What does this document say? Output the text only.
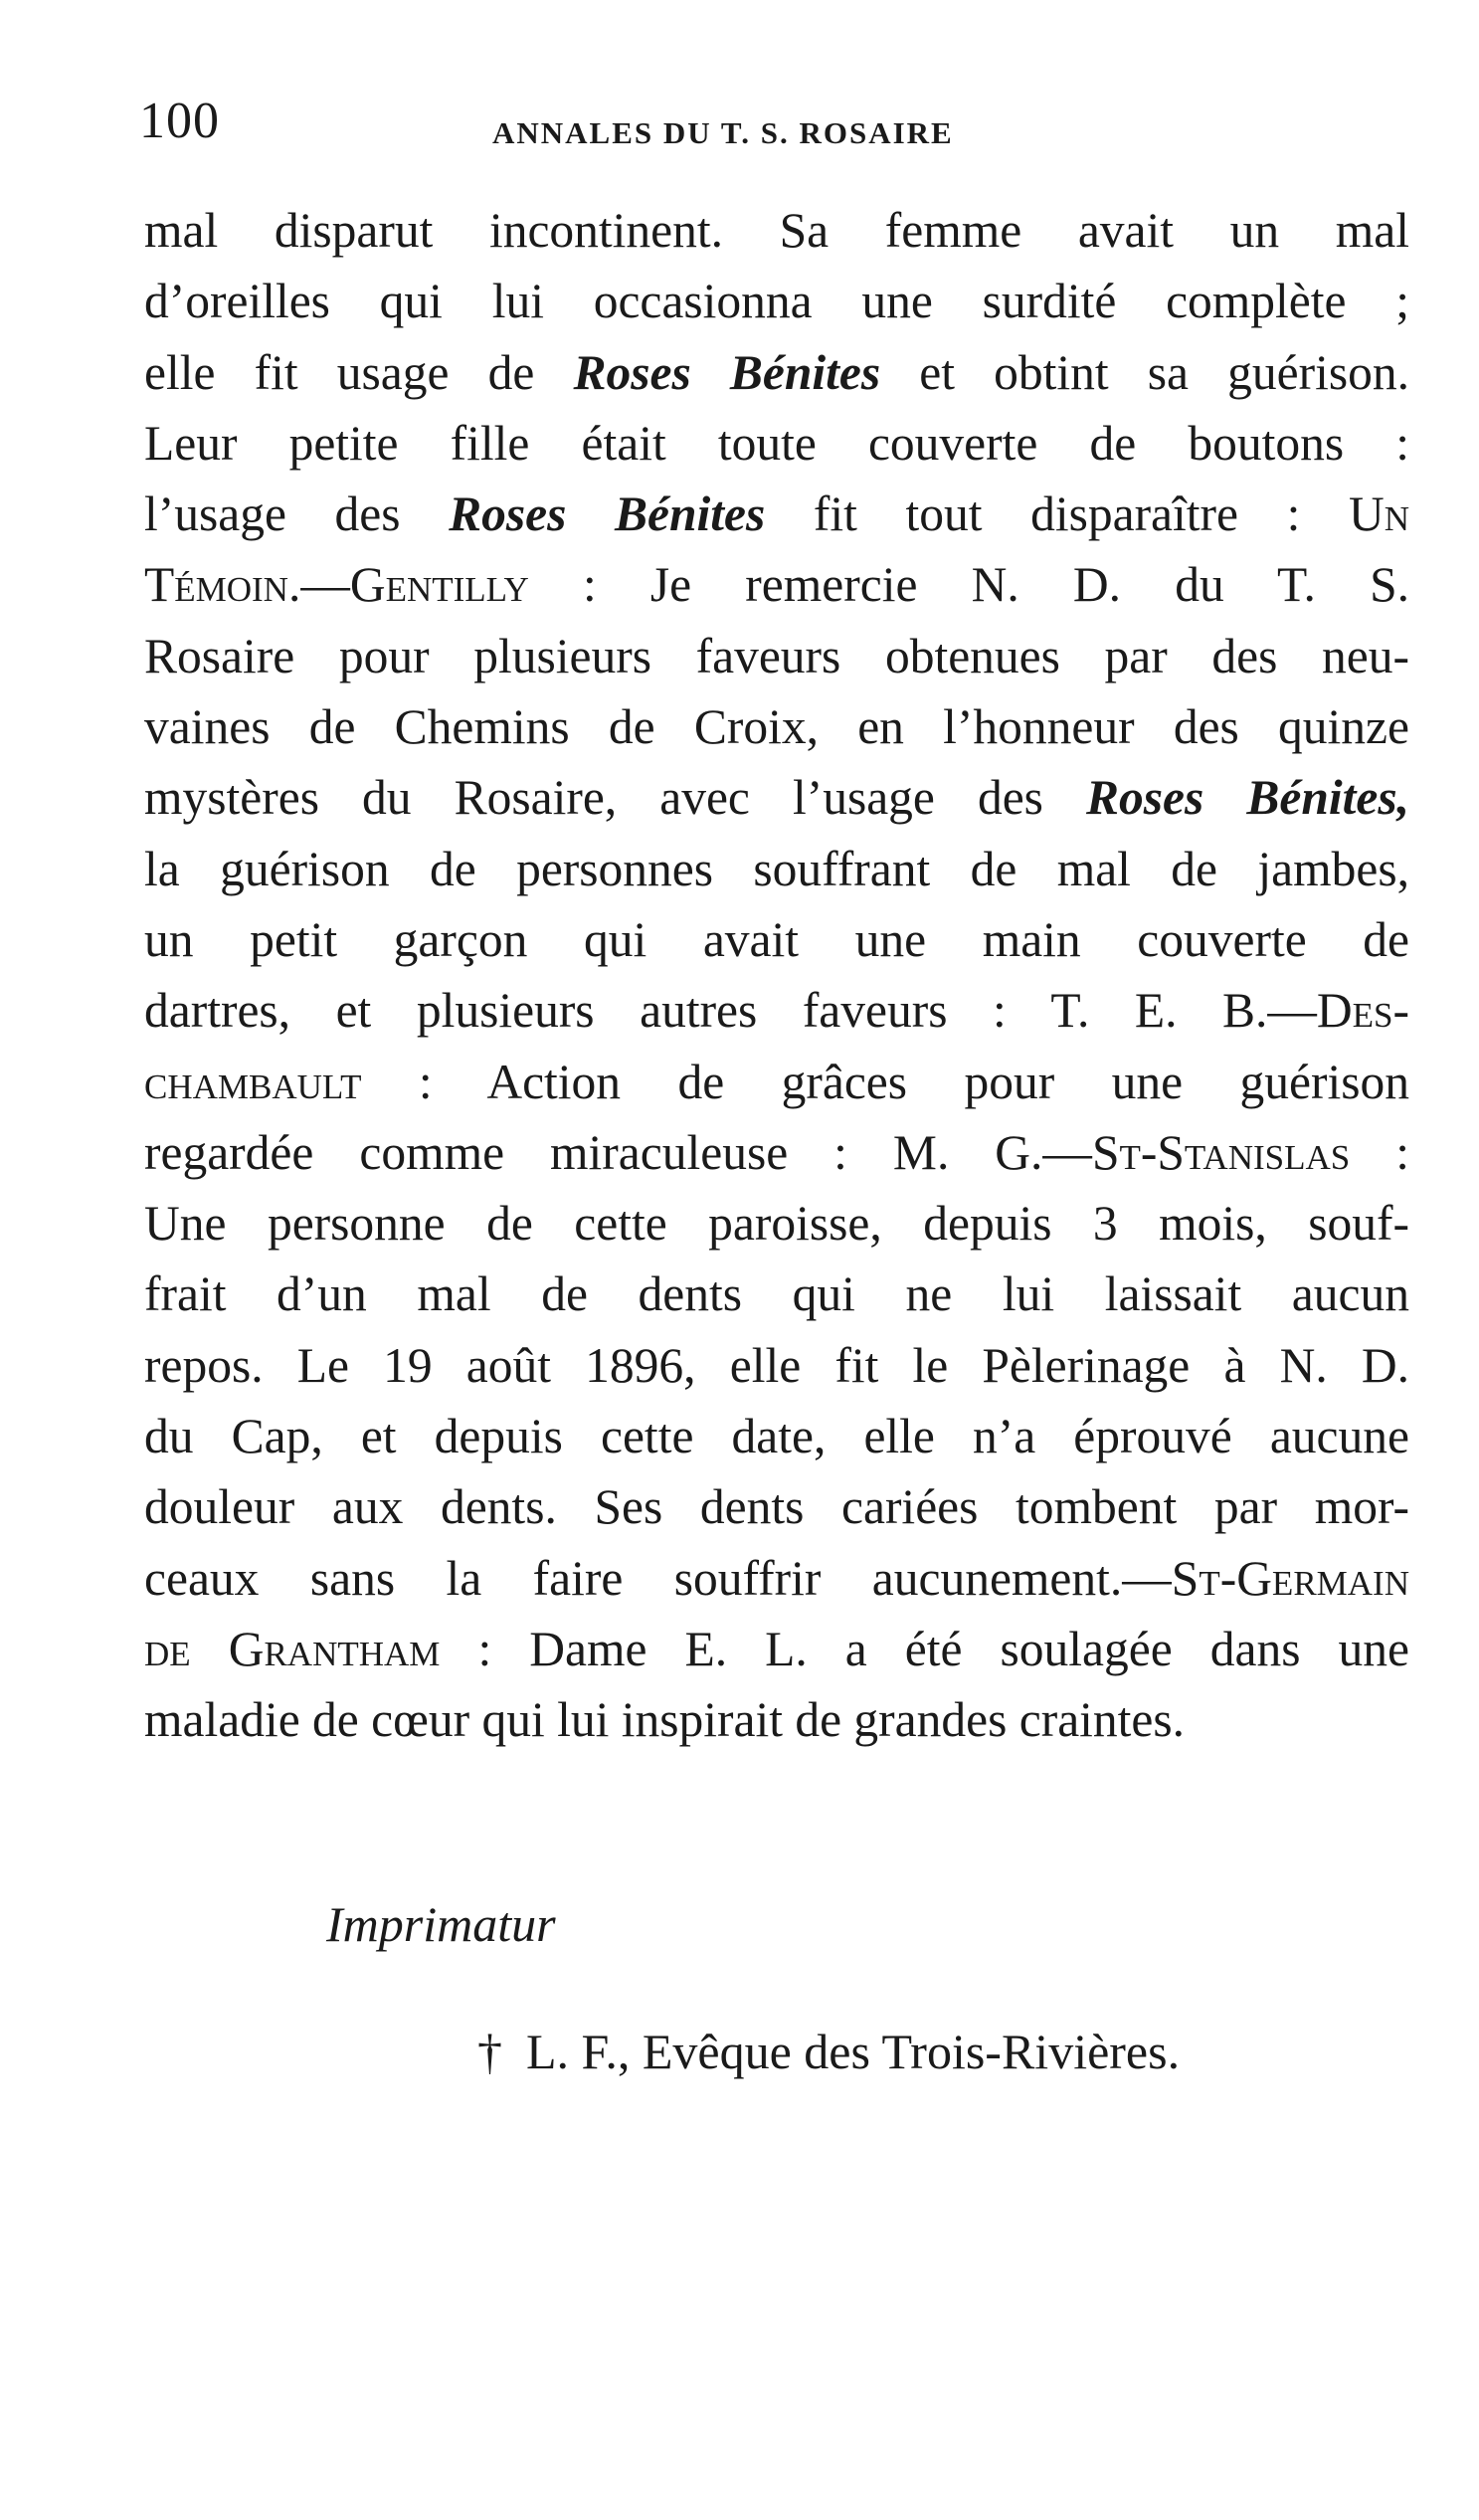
100	ANNALES DU T. S. ROSAIRE
mal disparut incontinent. Sa femme avait un mal
d’oreilles qui lui occasionna une surdité complète ;
elle fit usage de Roses Bénites et obtint sa guérison.
Leur petite fille était toute couverte de boutons :
l’usage des Roses Bénites fit tout disparaître : Un
Témoin.—Gentilly : Je remercie N. D. du T. S.
Rosaire pour plusieurs faveurs obtenues par des neu-
vaines de Chemins de Croix, en l’honneur des quinze
mystères du Rosaire, avec l’usage des Roses Bénites,
la guérison de personnes souffrant de mal de jambes,
un petit garçon qui avait une main couverte de
dartres, et plusieurs autres faveurs : T. E. B.—Des-
chambault : Action de grâces pour une guérison
regardée comme miraculeuse : M. G.—St-Stanislas :
Une personne de cette paroisse, depuis 3 mois, souf-
frait d’un mal de dents qui ne lui laissait aucun
repos. Le 19 août 1896, elle fit le Pèlerinage à N. D.
du Cap, et depuis cette date, elle n’a éprouvé aucune
douleur aux dents. Ses dents cariées tombent par mor-
ceaux sans la faire souffrir aucunement.—St-Germain
de Grantham : Dame E. L. a été soulagée dans une
maladie de cœur qui lui inspirait de grandes craintes.
Imprimatur
† L. F., Evêque des Trois-Rivières.
